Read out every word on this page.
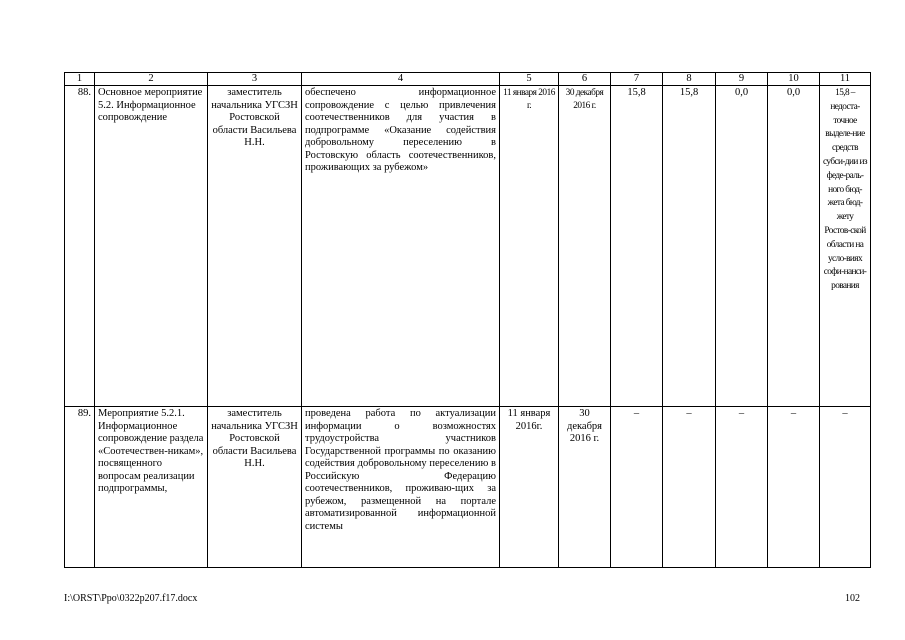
1	2	3	4	5	6	7	8	9	10	11
88.	Основное мероприятие 5.2. Информационное сопровождение	заместитель начальника УГСЗН Ростовской области Васильева Н.Н.	обеспечено информационное сопровождение с целью привлечения соотечественников для участия в подпрограмме «Оказание содействия добровольному переселению в Ростовскую область соотечественников, проживающих за рубежом»	11 января 2016 г.	30 декабря 2016 г.	15,8	15,8	0,0	0,0	15,8 – недоста-точное выделе-ние средств субси-дии из феде-раль-ного бюд-жета бюд-жету Ростов-ской области на усло-виях софи-нанси-рования
89.	Мероприятие 5.2.1. Информационное сопровождение раздела «Соотечествен-никам», посвященного вопросам реализации подпрограммы,	заместитель начальника УГСЗН Ростовской области Васильева Н.Н.	проведена работа по актуализации информации о возможностях трудоустройства участников Государственной программы по оказанию содействия добровольному переселению в Российскую Федерацию соотечественников, проживаю-щих за рубежом, размещенной на портале автоматизированной информационной системы	11 января 2016г.	30 декабря 2016 г.	–	–	–	–	–
I:\ORST\Ppo\0322p207.f17.docx	102
